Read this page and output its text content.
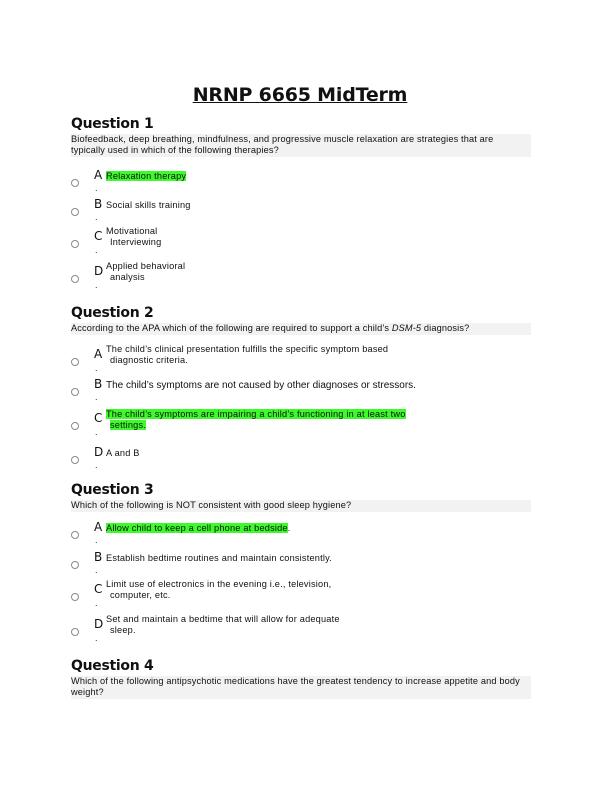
NRNP 6665 MidTerm
Question 1
Biofeedback, deep breathing, mindfulness, and progressive muscle relaxation are strategies that are typically used in which of the following therapies?
A
.
Relaxation therapy
B
.
Social skills training
C
.
Motivational
Interviewing
D
.
Applied behavioral
analysis
Question 2
According to the APA which of the following are required to support a child’s DSM-5 diagnosis?
A
.
The child’s clinical presentation fulfills the specific symptom based
diagnostic criteria.
B
.
The child’s symptoms are not caused by other diagnoses or stressors.
C
.
The child’s symptoms are impairing a child’s functioning in at least two
settings.
D
.
A and B
Question 3
Which of the following is NOT consistent with good sleep hygiene?
A
.
Allow child to keep a cell phone at bedside.
B
.
Establish bedtime routines and maintain consistently.
C
.
Limit use of electronics in the evening i.e., television,
computer, etc.
D
.
Set and maintain a bedtime that will allow for adequate
sleep.
Question 4
Which of the following antipsychotic medications have the greatest tendency to increase appetite and body weight?
